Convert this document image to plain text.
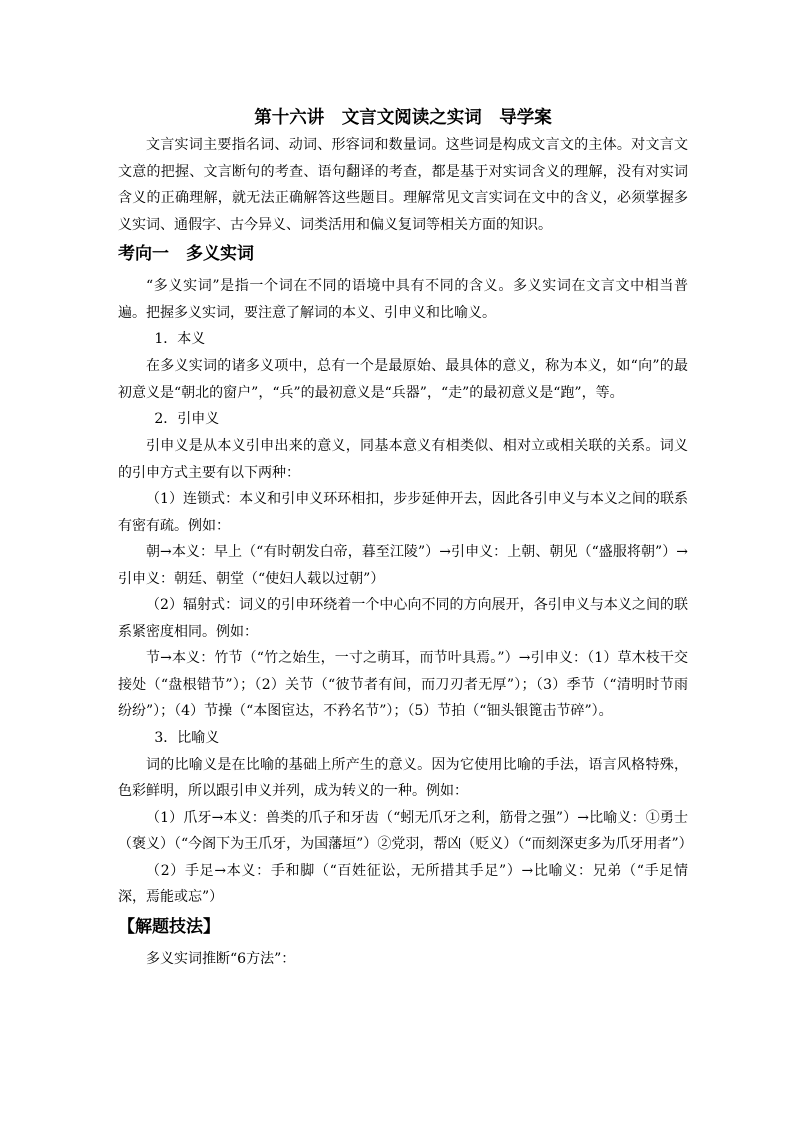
第十六讲　文言文阅读之实词　导学案

文言实词主要指名词、动词、形容词和数量词。这些词是构成文言文的主体。对文言文文意的把握、文言断句的考查、语句翻译的考查，都是基于对实词含义的理解，没有对实词含义的正确理解，就无法正确解答这些题目。理解常见文言实词在文中的含义，必须掌握多义实词、通假字、古今异义、词类活用和偏义复词等相关方面的知识。

考向一　多义实词

“多义实词”是指一个词在不同的语境中具有不同的含义。多义实词在文言文中相当普遍。把握多义实词，要注意了解词的本义、引申义和比喻义。

1．本义

在多义实词的诸多义项中，总有一个是最原始、最具体的意义，称为本义，如“向”的最初意义是“朝北的窗户”，“兵”的最初意义是“兵器”，“走”的最初意义是“跑”，等。

2．引申义

引申义是从本义引申出来的意义，同基本意义有相类似、相对立或相关联的关系。词义的引申方式主要有以下两种：

（1）连锁式：本义和引申义环环相扣，步步延伸开去，因此各引申义与本义之间的联系有密有疏。例如：

朝→本义：早上（“有时朝发白帝，暮至江陵”）→引申义：上朝、朝见（“盛服将朝”）→引申义：朝廷、朝堂（“使妇人载以过朝”）

（2）辐射式：词义的引申环绕着一个中心向不同的方向展开，各引申义与本义之间的联系紧密度相同。例如：

节→本义：竹节（“竹之始生，一寸之萌耳，而节叶具焉。”）→引申义：（1）草木枝干交接处（“盘根错节”）；（2）关节（“彼节者有间，而刀刃者无厚”）；（3）季节（“清明时节雨纷纷”）；（4）节操（“本图宦达，不矜名节”）；（5）节拍（“钿头银篦击节碎”）。

3．比喻义

词的比喻义是在比喻的基础上所产生的意义。因为它使用比喻的手法，语言风格特殊，色彩鲜明，所以跟引申义并列，成为转义的一种。例如：

（1）爪牙→本义：兽类的爪子和牙齿（“蚓无爪牙之利，筋骨之强”）→比喻义：①勇士（褒义）（“今阁下为王爪牙，为国藩垣”）②党羽，帮凶（贬义）（“而刻深吏多为爪牙用者”）

（2）手足→本义：手和脚（“百姓征讼，无所措其手足”）→比喻义：兄弟（“手足情深，焉能或忘”）

【解题技法】

多义实词推断“6方法”：
